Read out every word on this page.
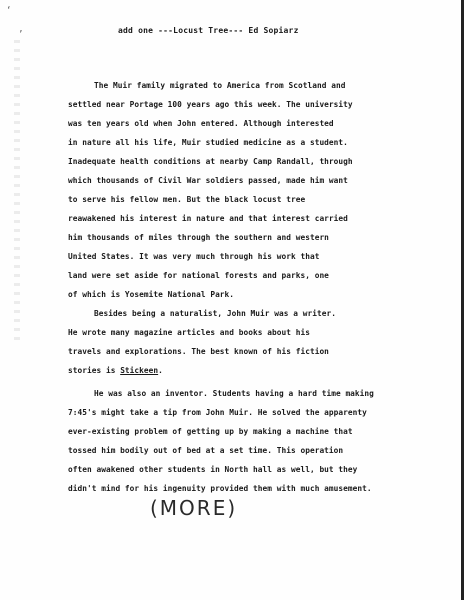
‘
’	add one ---Locust Tree--- Ed Sopiarz
The Muir family migrated to America from Scotland and
settled near Portage 100 years ago this week. The university
was ten years old when John entered. Although interested
in nature all his life, Muir studied medicine as a student.
Inadequate health conditions at nearby Camp Randall, through
which thousands of Civil War soldiers passed, made him want
to serve his fellow men. But the black locust tree
reawakened his interest in nature and that interest carried
him thousands of miles through the southern and western
United States. It was very much through his work that
land were set aside for national forests and parks, one
of which is Yosemite National Park.
Besides being a naturalist, John Muir was a writer.
He wrote many magazine articles and books about his
travels and explorations. The best known of his fiction
stories is Stickeen.
He was also an inventor. Students having a hard time making
7:45's might take a tip from John Muir. He solved the apparenty
ever-existing problem of getting up by making a machine that
tossed him bodily out of bed at a set time. This operation
often awakened other students in North hall as well, but they
didn't mind for his ingenuity provided them with much amusement.
(MORE)
